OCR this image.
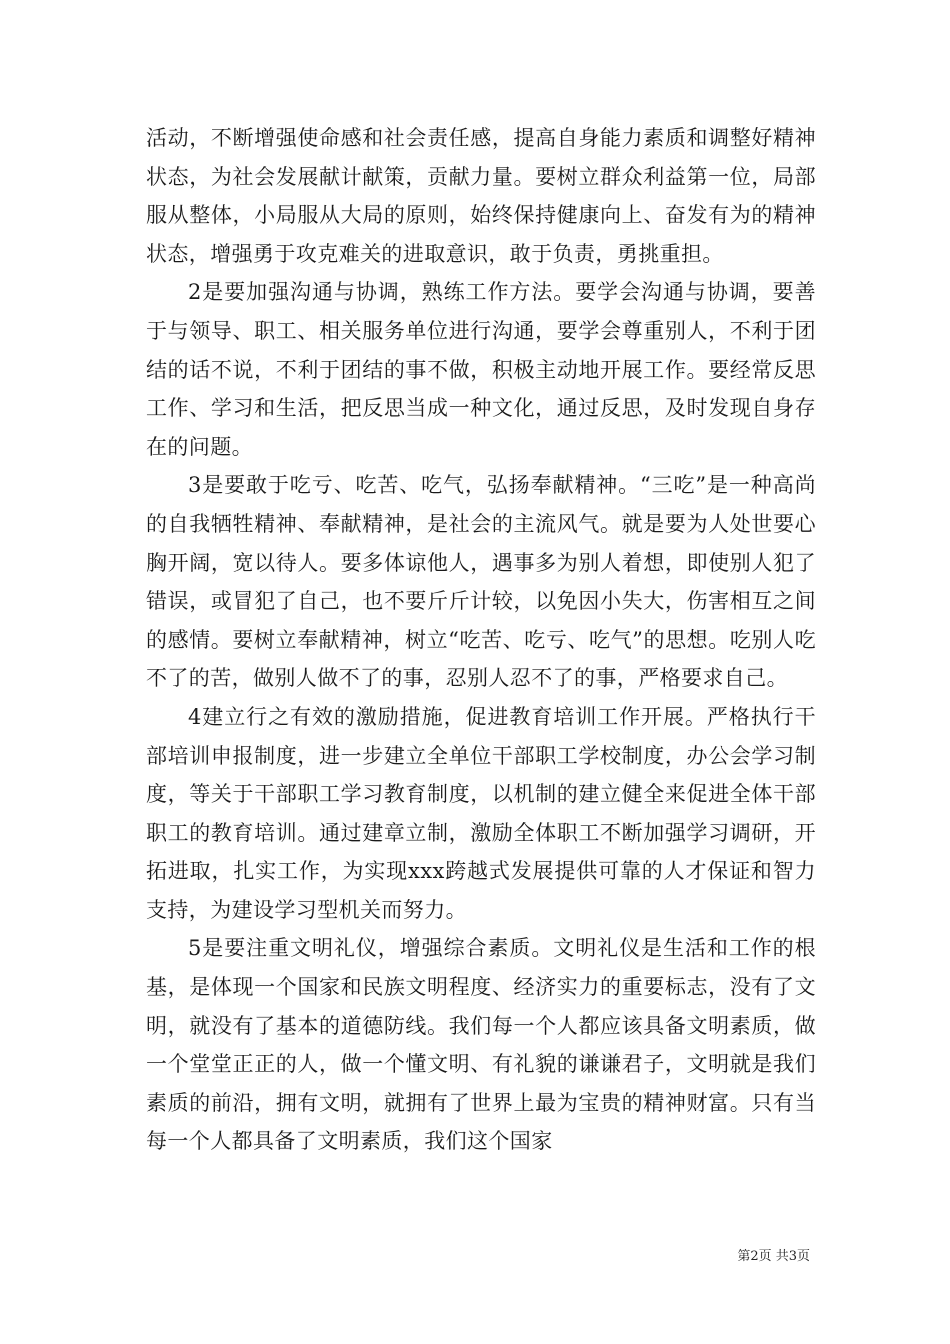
活动，不断增强使命感和社会责任感，提高自身能力素质和调整好精神状态，为社会发展献计献策，贡献力量。要树立群众利益第一位，局部服从整体，小局服从大局的原则，始终保持健康向上、奋发有为的精神状态，增强勇于攻克难关的进取意识，敢于负责，勇挑重担。

2是要加强沟通与协调，熟练工作方法。要学会沟通与协调，要善于与领导、职工、相关服务单位进行沟通，要学会尊重别人，不利于团结的话不说，不利于团结的事不做，积极主动地开展工作。要经常反思工作、学习和生活，把反思当成一种文化，通过反思，及时发现自身存在的问题。

3是要敢于吃亏、吃苦、吃气，弘扬奉献精神。“三吃”是一种高尚的自我牺牲精神、奉献精神，是社会的主流风气。就是要为人处世要心胸开阔，宽以待人。要多体谅他人，遇事多为别人着想，即使别人犯了错误，或冒犯了自己，也不要斤斤计较，以免因小失大，伤害相互之间的感情。要树立奉献精神，树立“吃苦、吃亏、吃气”的思想。吃别人吃不了的苦，做别人做不了的事，忍别人忍不了的事，严格要求自己。

4建立行之有效的激励措施，促进教育培训工作开展。严格执行干部培训申报制度，进一步建立全单位干部职工学校制度，办公会学习制度，等关于干部职工学习教育制度，以机制的建立健全来促进全体干部职工的教育培训。通过建章立制，激励全体职工不断加强学习调研，开拓进取，扎实工作，为实现xxx跨越式发展提供可靠的人才保证和智力支持，为建设学习型机关而努力。

5是要注重文明礼仪，增强综合素质。文明礼仪是生活和工作的根基，是体现一个国家和民族文明程度、经济实力的重要标志，没有了文明，就没有了基本的道德防线。我们每一个人都应该具备文明素质，做一个堂堂正正的人，做一个懂文明、有礼貌的谦谦君子，文明就是我们素质的前沿，拥有文明，就拥有了世界上最为宝贵的精神财富。只有当每一个人都具备了文明素质，我们这个国家

第2页 共3页
